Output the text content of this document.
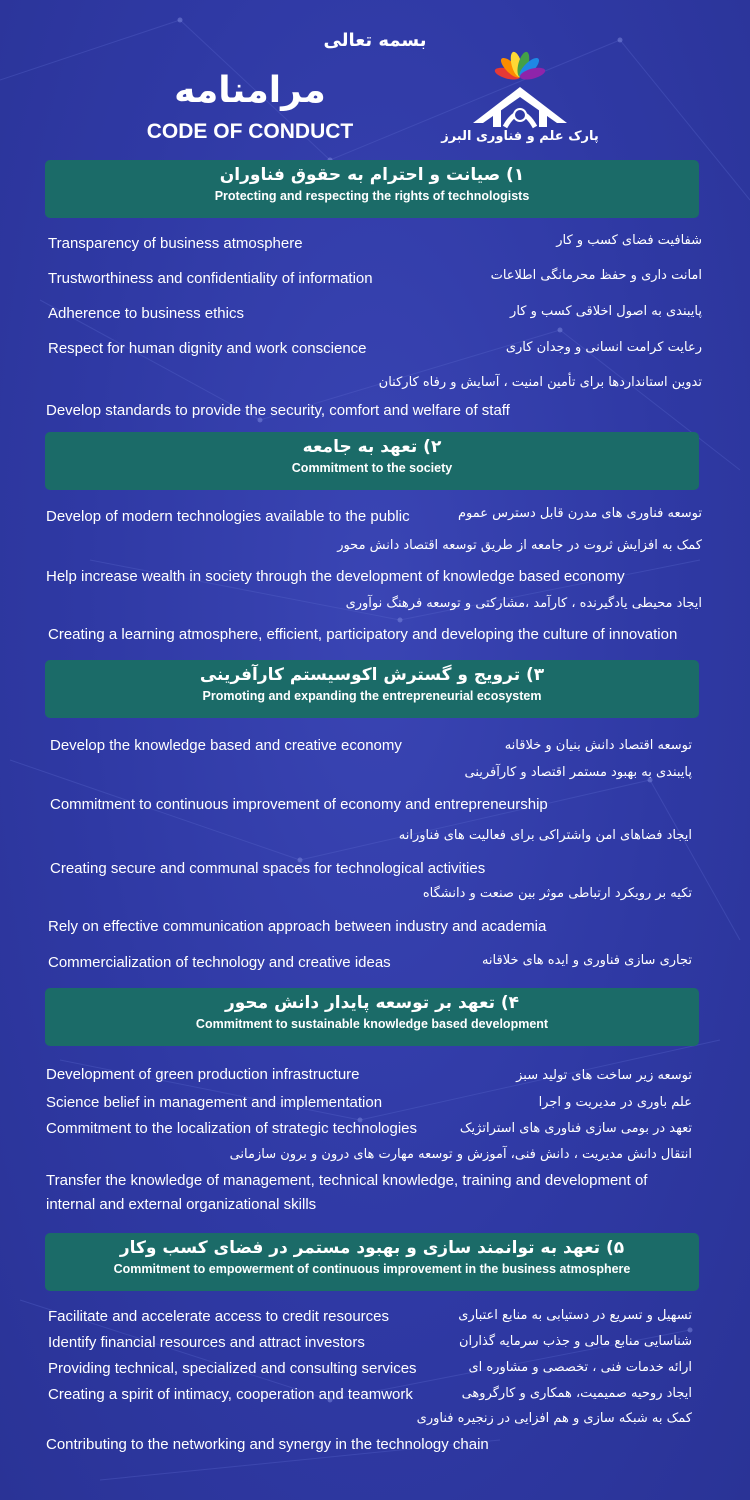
بسمه تعالی
مرامنامه
CODE OF CONDUCT	پارک علم و فناوری البرز
۱) صیانت و احترام به حقوق فناوران
Protecting and respecting the rights of technologists
شفافیت فضای کسب و کار
Transparency of business atmosphere
امانت داری و حفظ محرمانگی اطلاعات
Trustworthiness and confidentiality of information
پایبندی به اصول اخلاقی کسب و کار
Adherence to business ethics
رعایت کرامت انسانی و وجدان کاری
Respect for human dignity and work conscience
تدوین استانداردها برای تأمین امنیت ، آسایش و رفاه کارکنان
Develop standards to provide the security, comfort and welfare of staff
۲) تعهد به جامعه
Commitment to the society
توسعه فناوری های مدرن قابل دسترس عموم
Develop of modern technologies available to the public
کمک به افزایش ثروت در جامعه از طریق توسعه اقتصاد دانش محور
Help increase wealth in society through the development of knowledge based economy
ایجاد محیطی یادگیرنده ، کارآمد ،مشارکتی و توسعه فرهنگ نوآوری
Creating a learning atmosphere, efficient, participatory and developing the culture of innovation
۳) ترویج و گسترش اکوسیستم کارآفرینی
Promoting and expanding the entrepreneurial ecosystem
توسعه اقتصاد دانش بنیان و خلاقانه
Develop the knowledge based and creative economy
پایبندی به بهبود مستمر اقتصاد و کارآفرینی
Commitment to continuous improvement of economy and entrepreneurship
ایجاد فضاهای امن واشتراکی برای فعالیت های فناورانه
Creating secure and communal spaces for technological activities
تکیه بر رویکرد ارتباطی موثر بین صنعت و دانشگاه
Rely on effective communication approach between industry and academia
تجاری سازی فناوری و ایده های خلاقانه
Commercialization of technology and creative ideas
۴) تعهد بر توسعه پایدار دانش محور
Commitment to sustainable knowledge based development
توسعه زیر ساخت های تولید سبز
Development of green production infrastructure
علم باوری در مدیریت و اجرا
Science belief in management and implementation
تعهد در بومی سازی فناوری های استراتژیک
Commitment to the localization of strategic technologies
انتقال دانش مدیریت ، دانش فنی، آموزش و توسعه مهارت های درون و برون سازمانی
Transfer the knowledge of management, technical knowledge, training and development of
internal and external organizational skills
۵) تعهد به توانمند سازی و بهبود مستمر در فضای کسب وکار
Commitment to empowerment of continuous improvement in the business atmosphere
تسهیل و تسریع در دستیابی به منابع اعتباری
Facilitate and accelerate access to credit resources
شناسایی منابع مالی و جذب سرمایه گذاران
Identify financial resources and attract investors
ارائه خدمات فنی ، تخصصی و مشاوره ای
Providing technical, specialized and consulting services
ایجاد روحیه صمیمیت، همکاری و کارگروهی
Creating a spirit of intimacy, cooperation and teamwork
کمک به شبکه سازی و هم افزایی در زنجیره فناوری
Contributing to the networking and synergy in the technology chain
